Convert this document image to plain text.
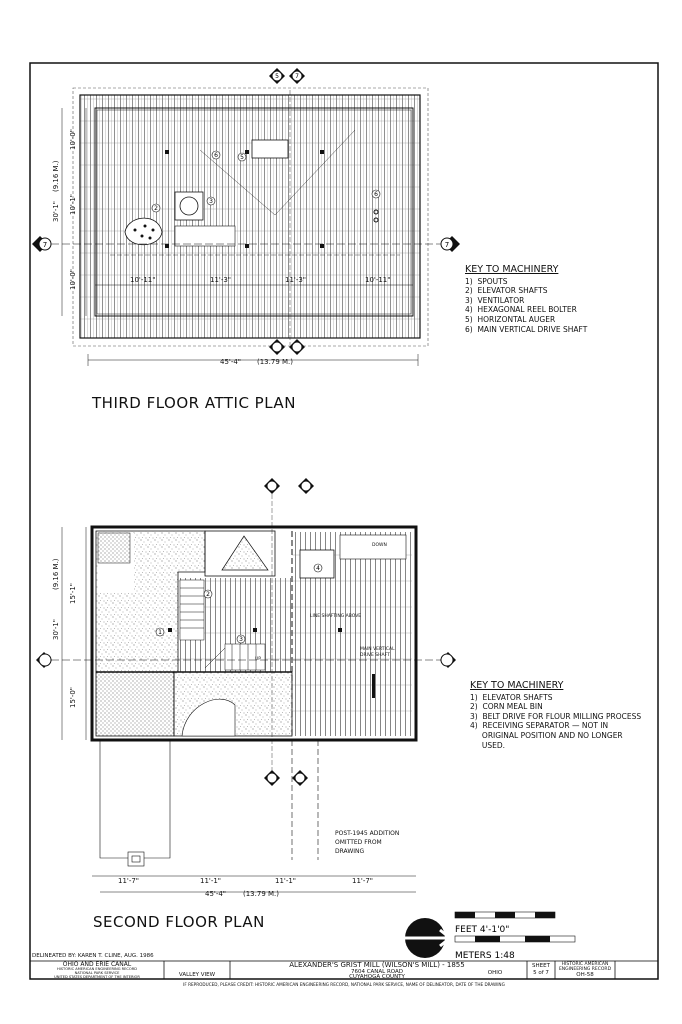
6
2
3
5
6
5	7
7	7
10'-11"	11'-3"	11'-3"	10'-11"
45'-4" (13.79 M.)
10'-0"
10'-1"
10'-0"
30'-1"
(9.16 M.)
1
2
3
4
LINE SHAFTING ABOVE
MAIN VERTICAL
DRIVE SHAFT
DOWN
UP
POST-1945 ADDITION
OMITTED FROM
DRAWING
11'-7"	11'-1"	11'-1"	11'-7"
45'-4" (13.79 M.)
15'-1"
15'-0"
30'-1"
(9.16 M.)
FEET 4'-1'0"
METERS 1:48
THIRD FLOOR ATTIC PLAN
SECOND FLOOR PLAN
KEY TO MACHINERY
1)  SPOUTS
2)  ELEVATOR SHAFTS
3)  VENTILATOR
4)  HEXAGONAL REEL BOLTER
5)  HORIZONTAL AUGER
6)  MAIN VERTICAL DRIVE SHAFT
KEY TO MACHINERY
1)  ELEVATOR SHAFTS
2)  CORN MEAL BIN
3)  BELT DRIVE FOR FLOUR MILLING PROCESS
4)  RECEIVING SEPARATOR — NOT IN
ORIGINAL POSITION AND NO LONGER
USED.
DELINEATED BY: KAREN T. CLINE, AUG. 1986
OHIO AND ERIE CANAL
HISTORIC AMERICAN ENGINEERING RECORD
NATIONAL PARK SERVICE
UNITED STATES DEPARTMENT OF THE INTERIOR	VALLEY VIEW
ALEXANDER'S GRIST MILL (WILSON'S MILL) - 1855
7604 CANAL ROAD
CUYAHOGA COUNTY
OHIO
SHEET
5 of 7
HISTORIC AMERICAN
ENGINEERING RECORD
OH-58
IF REPRODUCED, PLEASE CREDIT: HISTORIC AMERICAN ENGINEERING RECORD, NATIONAL PARK SERVICE, NAME OF DELINEATOR, DATE OF THE DRAWING
